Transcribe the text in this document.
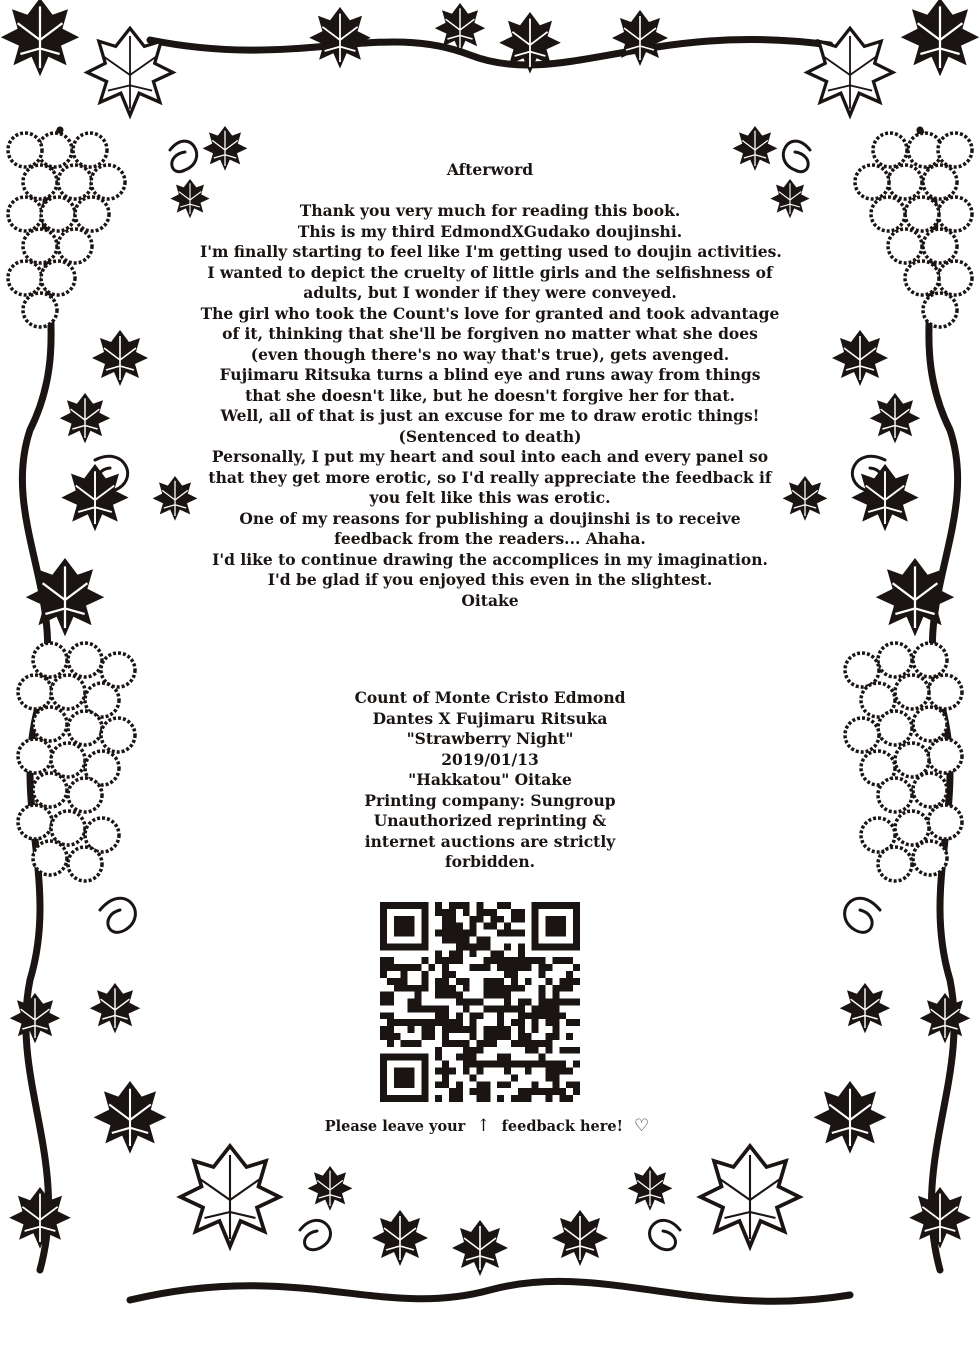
Afterword
Thank you very much for reading this book.
This is my third EdmondXGudako doujinshi.
I'm finally starting to feel like I'm getting used to doujin activities.
I wanted to depict the cruelty of little girls and the selfishness of
adults, but I wonder if they were conveyed.
The girl who took the Count's love for granted and took advantage
of it, thinking that she'll be forgiven no matter what she does
(even though there's no way that's true), gets avenged.
Fujimaru Ritsuka turns a blind eye and runs away from things
that she doesn't like, but he doesn't forgive her for that.
Well, all of that is just an excuse for me to draw erotic things!
(Sentenced to death)
Personally, I put my heart and soul into each and every panel so
that they get more erotic, so I'd really appreciate the feedback if
you felt like this was erotic.
One of my reasons for publishing a doujinshi is to receive
feedback from the readers... Ahaha.
I'd like to continue drawing the accomplices in my imagination.
I'd be glad if you enjoyed this even in the slightest.
Oitake
Count of Monte Cristo Edmond
Dantes X Fujimaru Ritsuka
"Strawberry Night"
2019/01/13
"Hakkatou" Oitake
Printing company: Sungroup
Unauthorized reprinting &
internet auctions are strictly
forbidden.
Please leave your ↑ feedback here! ♡
